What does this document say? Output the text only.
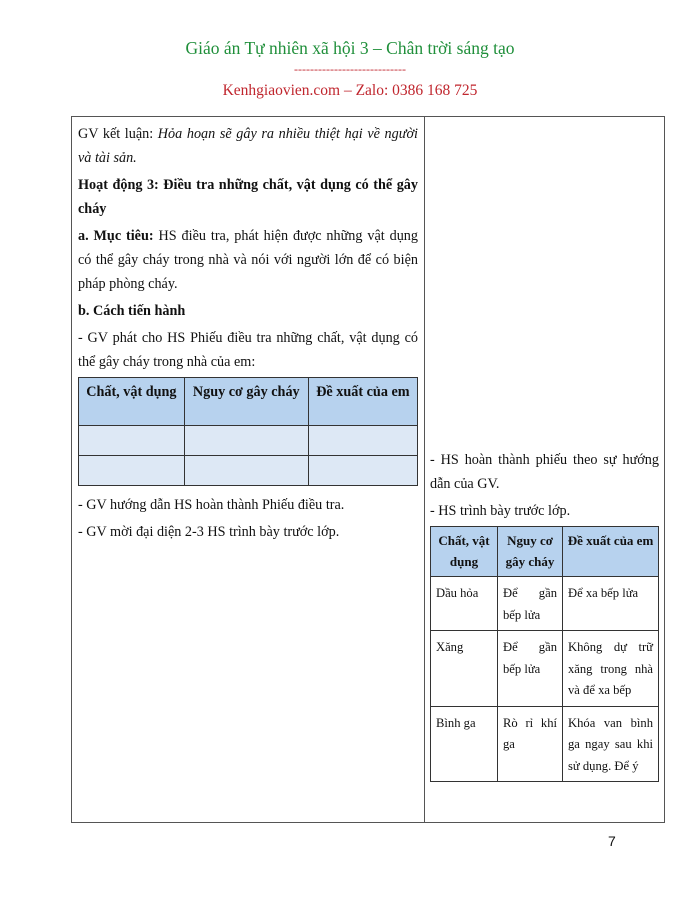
Giáo án Tự nhiên xã hội 3 – Chân trời sáng tạo
----------------------------
Kenhgiaovien.com – Zalo: 0386 168 725

GV kết luận: Hỏa hoạn sẽ gây ra nhiều thiệt hại về người và tài sản.

Hoạt động 3: Điều tra những chất, vật dụng có thể gây cháy

a. Mục tiêu: HS điều tra, phát hiện được những vật dụng có thể gây cháy trong nhà và nói với người lớn để có biện pháp phòng cháy.

b. Cách tiến hành

- GV phát cho HS Phiếu điều tra những chất, vật dụng có thể gây cháy trong nhà của em:

Chất, vật dụng	Nguy cơ gây cháy	Đề xuất của em

- GV hướng dẫn HS hoàn thành Phiếu điều tra.

- GV mời đại diện 2-3 HS trình bày trước lớp.

- HS hoàn thành phiếu theo sự hướng dẫn của GV.

- HS trình bày trước lớp.

Chất, vật dụng	Nguy cơ gây cháy	Đề xuất của em
Dầu hỏa	Để gần bếp lửa	Để xa bếp lửa
Xăng	Để gần bếp lửa	Không dự trữ xăng trong nhà và để xa bếp
Bình ga	Rò rỉ khí ga	Khóa van bình ga ngay sau khi sử dụng. Để ý
7
